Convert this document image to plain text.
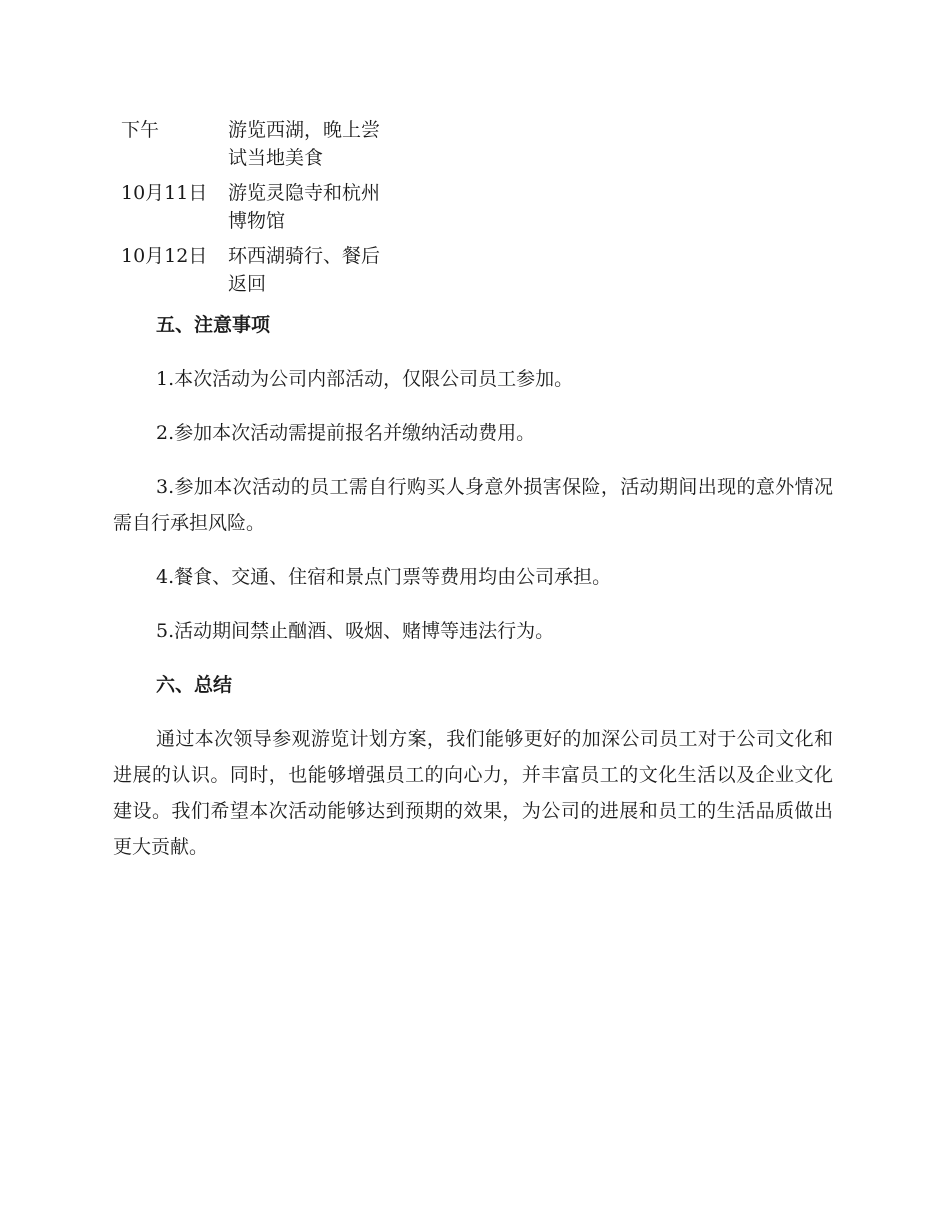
下午	游览西湖，晚上尝试当地美食
10月11日	游览灵隐寺和杭州博物馆
10月12日	环西湖骑行、餐后返回
五、注意事项

1.本次活动为公司内部活动，仅限公司员工参加。

2.参加本次活动需提前报名并缴纳活动费用。

3.参加本次活动的员工需自行购买人身意外损害保险，活动期间出现的意外情况需自行承担风险。

4.餐食、交通、住宿和景点门票等费用均由公司承担。

5.活动期间禁止酗酒、吸烟、赌博等违法行为。

六、总结

通过本次领导参观游览计划方案，我们能够更好的加深公司员工对于公司文化和进展的认识。同时，也能够增强员工的向心力，并丰富员工的文化生活以及企业文化建设。我们希望本次活动能够达到预期的效果，为公司的进展和员工的生活品质做出更大贡献。
